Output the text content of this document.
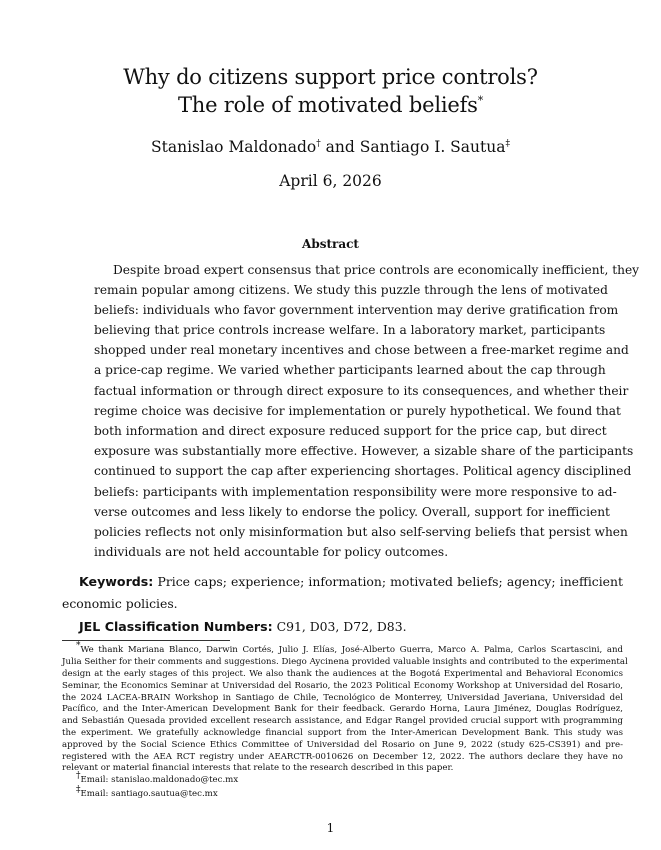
Why do citizens support price controls?
The role of motivated beliefs*
Stanislao Maldonado† and Santiago I. Sautua‡
April 6, 2026
Abstract
Despite broad expert consensus that price controls are economically inefficient, they
remain popular among citizens. We study this puzzle through the lens of motivated
beliefs: individuals who favor government intervention may derive gratification from
believing that price controls increase welfare. In a laboratory market, participants
shopped under real monetary incentives and chose between a free-market regime and
a price-cap regime. We varied whether participants learned about the cap through
factual information or through direct exposure to its consequences, and whether their
regime choice was decisive for implementation or purely hypothetical. We found that
both information and direct exposure reduced support for the price cap, but direct
exposure was substantially more effective. However, a sizable share of the participants
continued to support the cap after experiencing shortages. Political agency disciplined
beliefs: participants with implementation responsibility were more responsive to ad-
verse outcomes and less likely to endorse the policy. Overall, support for inefficient
policies reflects not only misinformation but also self-serving beliefs that persist when
individuals are not held accountable for policy outcomes.
Keywords: Price caps; experience; information; motivated beliefs; agency; inefficient
economic policies.
JEL Classification Numbers: C91, D03, D72, D83.
*We thank Mariana Blanco, Darwin Cortés, Julio J. Elías, José-Alberto Guerra, Marco A. Palma, Carlos Scartascini, and
Julia Seither for their comments and suggestions. Diego Aycinena provided valuable insights and contributed to the experimental
design at the early stages of this project. We also thank the audiences at the Bogotá Experimental and Behavioral Economics
Seminar, the Economics Seminar at Universidad del Rosario, the 2023 Political Economy Workshop at Universidad del Rosario,
the 2024 LACEA-BRAIN Workshop in Santiago de Chile, Tecnológico de Monterrey, Universidad Javeriana, Universidad del
Pacífico, and the Inter-American Development Bank for their feedback. Gerardo Horna, Laura Jiménez, Douglas Rodríguez,
and Sebastián Quesada provided excellent research assistance, and Edgar Rangel provided crucial support with programming
the experiment. We gratefully acknowledge financial support from the Inter-American Development Bank. This study was
approved by the Social Science Ethics Committee of Universidad del Rosario on June 9, 2022 (study 625-CS391) and pre-
registered with the AEA RCT registry under AEARCTR-0010626 on December 12, 2022. The authors declare they have no
relevant or material financial interests that relate to the research described in this paper.
†Email: stanislao.maldonado@tec.mx
‡Email: santiago.sautua@tec.mx
1
